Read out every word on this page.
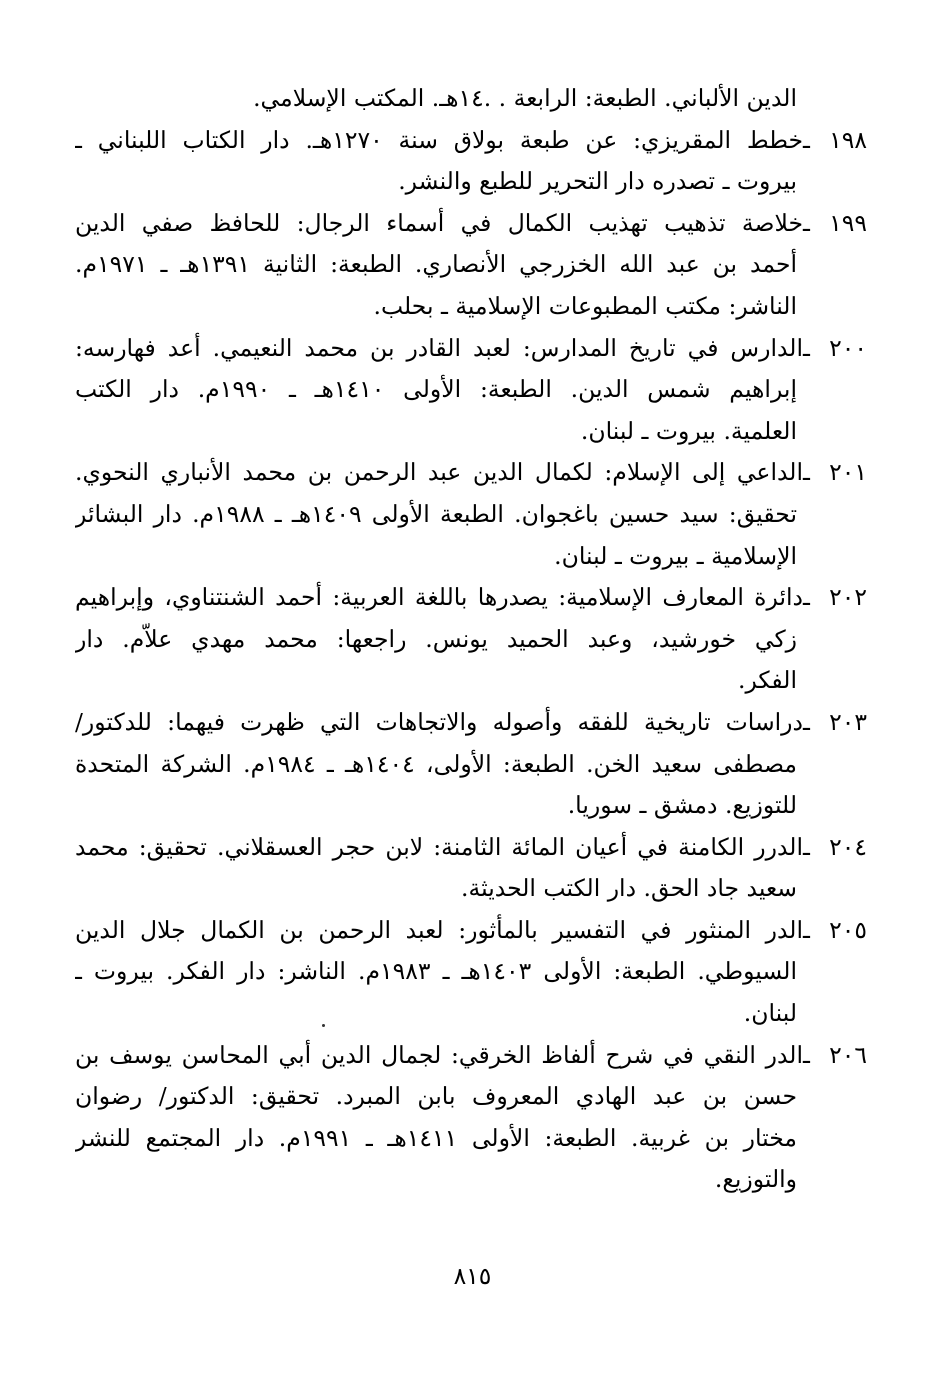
الدين الألباني. الطبعة: الرابعة . .١٤هـ. المكتب الإسلامي.
١٩٨ ـخطط المقريزي: عن طبعة بولاق سنة ١٢٧٠هـ. دار الكتاب اللبناني ـ
بيروت ـ تصدره دار التحرير للطبع والنشر.
١٩٩ ـخلاصة تذهيب تهذيب الكمال في أسماء الرجال: للحافظ صفي الدين
أحمد بن عبد الله الخزرجي الأنصاري. الطبعة: الثانية ١٣٩١هـ ـ ١٩٧١م.
الناشر: مكتب المطبوعات الإسلامية ـ بحلب.
٢٠٠ ـالدارس في تاريخ المدارس: لعبد القادر بن محمد النعيمي. أعد فهارسه:
إبراهيم شمس الدين. الطبعة: الأولى ١٤١٠هـ ـ ١٩٩٠م. دار الكتب
العلمية. بيروت ـ لبنان.
٢٠١ ـالداعي إلى الإسلام: لكمال الدين عبد الرحمن بن محمد الأنباري النحوي.
تحقيق: سيد حسين باغجوان. الطبعة الأولى ١٤٠٩هـ ـ ١٩٨٨م. دار البشائر
الإسلامية ـ بيروت ـ لبنان.
٢٠٢ ـدائرة المعارف الإسلامية: يصدرها باللغة العربية: أحمد الشنتناوي، وإبراهيم
زكي خورشيد، وعبد الحميد يونس. راجعها: محمد مهدي علاّم. دار
الفكر.
٢٠٣ ـدراسات تاريخية للفقه وأصوله والاتجاهات التي ظهرت فيهما: للدكتور/
مصطفى سعيد الخن. الطبعة: الأولى، ١٤٠٤هـ ـ ١٩٨٤م. الشركة المتحدة
للتوزيع. دمشق ـ سوريا.
٢٠٤ ـالدرر الكامنة في أعيان المائة الثامنة: لابن حجر العسقلاني. تحقيق: محمد
سعيد جاد الحق. دار الكتب الحديثة.
٢٠٥ ـالدر المنثور في التفسير بالمأثور: لعبد الرحمن بن الكمال جلال الدين
السيوطي. الطبعة: الأولى ١٤٠٣هـ ـ ١٩٨٣م. الناشر: دار الفكر. بيروت ـ
لبنان.
٢٠٦ ـالدر النقي في شرح ألفاظ الخرقي: لجمال الدين أبي المحاسن يوسف بن
حسن بن عبد الهادي المعروف بابن المبرد. تحقيق: الدكتور/ رضوان
مختار بن غربية. الطبعة: الأولى ١٤١١هـ ـ ١٩٩١م. دار المجتمع للنشر
والتوزيع.
٨١٥
